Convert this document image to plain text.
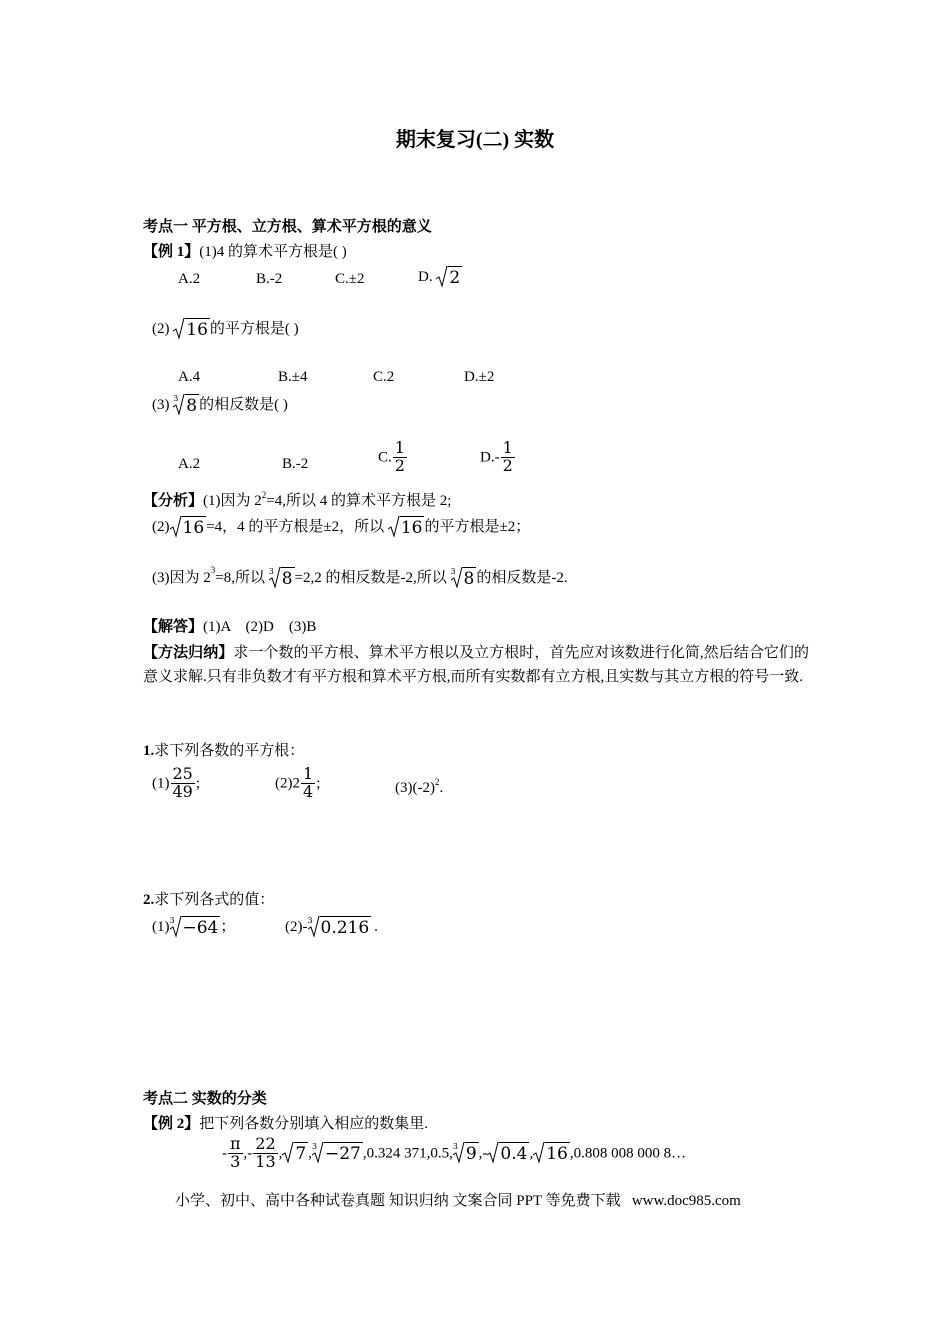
期末复习(二) 实数
考点一 平方根、立方根、算术平方根的意义
【例 1】(1)4 的算术平方根是( )
A.2	B.-2	C.±2	D. 2
(2) 16 的平方根是( )
A.4	B.±4	C.2	D.±2
(3) 3 8 的相反数是( )
A.2	B.-2	C. $\frac{1}{2}$	$D.- \frac{1}{2}$
【分析】(1)因为 $2^2=4$,所以 4 的算术平方根是 2;
(2) 16 =4，4 的平方根是±2，所以 16 的平方根是±2；
(3)因为 $2^3=8$,所以 3 8 =2,2 的相反数是-2,所以 3 8 的相反数是-2.
【解答】(1)A    (2)D    (3)B
【方法归纳】求一个数的平方根、算术平方根以及立方根时，首先应对该数进行化简,然后结合它们的意义求解.只有非负数才有平方根和算术平方根,而所有实数都有立方根,且实数与其立方根的符号一致.
1.求下列各数的平方根：
$(1) \frac{25}{49}$ ;	$(2)2 \frac{1}{4}$ ;	$(3)(-2)^2$.
2.求下列各式的值：
(1) 3 −64 ；	(2)- 3 0.216 .
考点二 实数的分类
【例 2】把下列各数分别填入相应的数集里.
- $\frac{\pi}{3}$ ,- $\frac{22}{13}$ , 7 , 3 −27 ,0.324 371,0.5, 3 9 ,- 0.4 , 16 ,0.808 008 000 8…
小学、初中、高中各种试卷真题 知识归纳 文案合同 PPT 等免费下载   www.doc985.com
